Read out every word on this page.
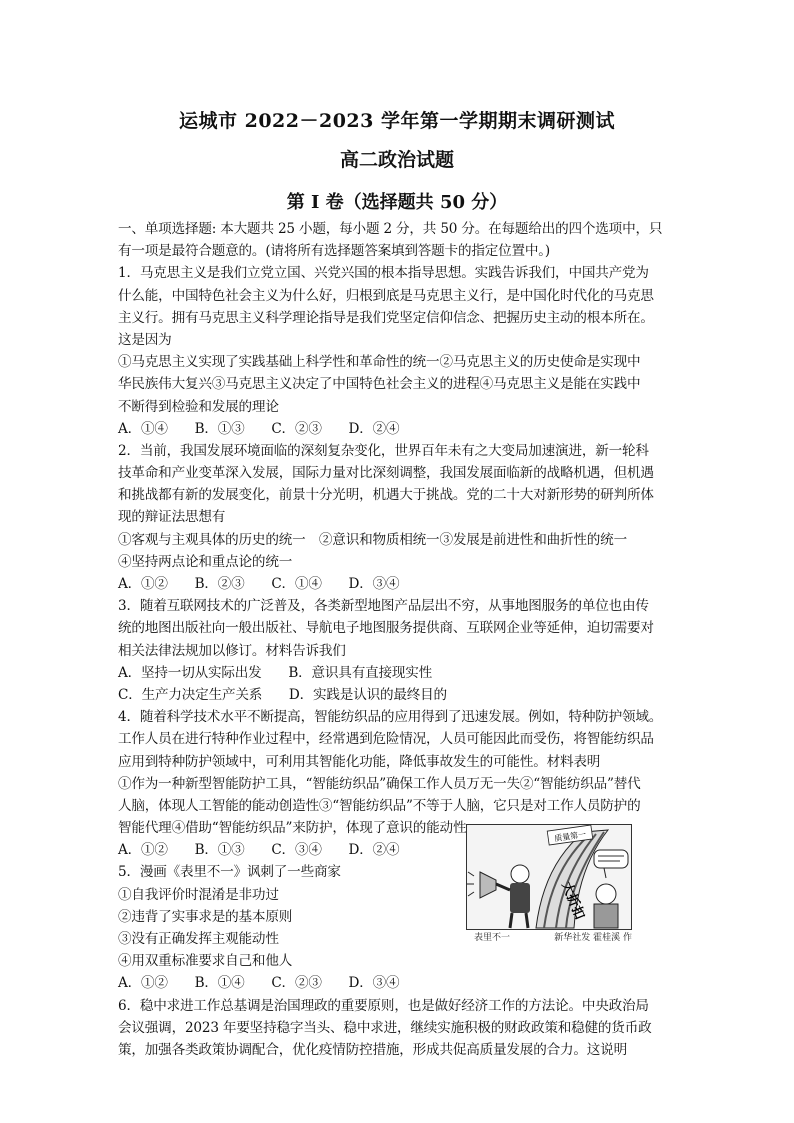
运城市 2022－2023 学年第一学期期末调研测试
高二政治试题
第 I 卷（选择题共 50 分）
一、单项选择题: 本大题共 25 小题，每小题 2 分，共 50 分。在每题给出的四个选项中，只
有一项是最符合题意的。(请将所有选择题答案填到答题卡的指定位置中。)
1．马克思主义是我们立党立国、兴党兴国的根本指导思想。实践告诉我们，中国共产党为
什么能，中国特色社会主义为什么好，归根到底是马克思主义行，是中国化时代化的马克思
主义行。拥有马克思主义科学理论指导是我们党坚定信仰信念、把握历史主动的根本所在。
这是因为
①马克思主义实现了实践基础上科学性和革命性的统一②马克思主义的历史使命是实现中
华民族伟大复兴③马克思主义决定了中国特色社会主义的进程④马克思主义是能在实践中
不断得到检验和发展的理论
A．①④　　B．①③　　C．②③　　D．②④
2．当前，我国发展环境面临的深刻复杂变化，世界百年未有之大变局加速演进，新一轮科
技革命和产业变革深入发展，国际力量对比深刻调整，我国发展面临新的战略机遇，但机遇
和挑战都有新的发展变化，前景十分光明，机遇大于挑战。党的二十大对新形势的研判所体
现的辩证法思想有
①客观与主观具体的历史的统一　②意识和物质相统一③发展是前进性和曲折性的统一
④坚持两点论和重点论的统一
A．①②　　B．②③　　C．①④　　D．③④
3．随着互联网技术的广泛普及，各类新型地图产品层出不穷，从事地图服务的单位也由传
统的地图出版社向一般出版社、导航电子地图服务提供商、互联网企业等延伸，迫切需要对
相关法律法规加以修订。材料告诉我们
A．坚持一切从实际出发　　B．意识具有直接现实性
C．生产力决定生产关系　　D．实践是认识的最终目的
4．随着科学技术水平不断提高，智能纺织品的应用得到了迅速发展。例如，特种防护领域。
工作人员在进行特种作业过程中，经常遇到危险情况，人员可能因此而受伤，将智能纺织品
应用到特种防护领域中，可利用其智能化功能，降低事故发生的可能性。材料表明
①作为一种新型智能防护工具，“智能纺织品”确保工作人员万无一失②“智能纺织品”替代
人脑，体现人工智能的能动创造性③“智能纺织品”不等于人脑，它只是对工作人员防护的
智能代理④借助“智能纺织品”来防护，体现了意识的能动性
A．①②　　B．①③　　C．③④　　D．②④
5．漫画《表里不一》讽刺了一些商家
①自我评价时混淆是非功过
②违背了实事求是的基本原则
③没有正确发挥主观能动性
④用双重标准要求自己和他人
A．①②　　B．①④　　C．②③　　D．③④
6．稳中求进工作总基调是治国理政的重要原则，也是做好经济工作的方法论。中央政治局
会议强调，2023 年要坚持稳字当头、稳中求进，继续实施积极的财政政策和稳健的货币政
策，加强各类政策协调配合，优化疫情防控措施，形成共促高质量发展的合力。这说明
质量第一
大折扣
表里不一	新华社发 霍桂溪 作
